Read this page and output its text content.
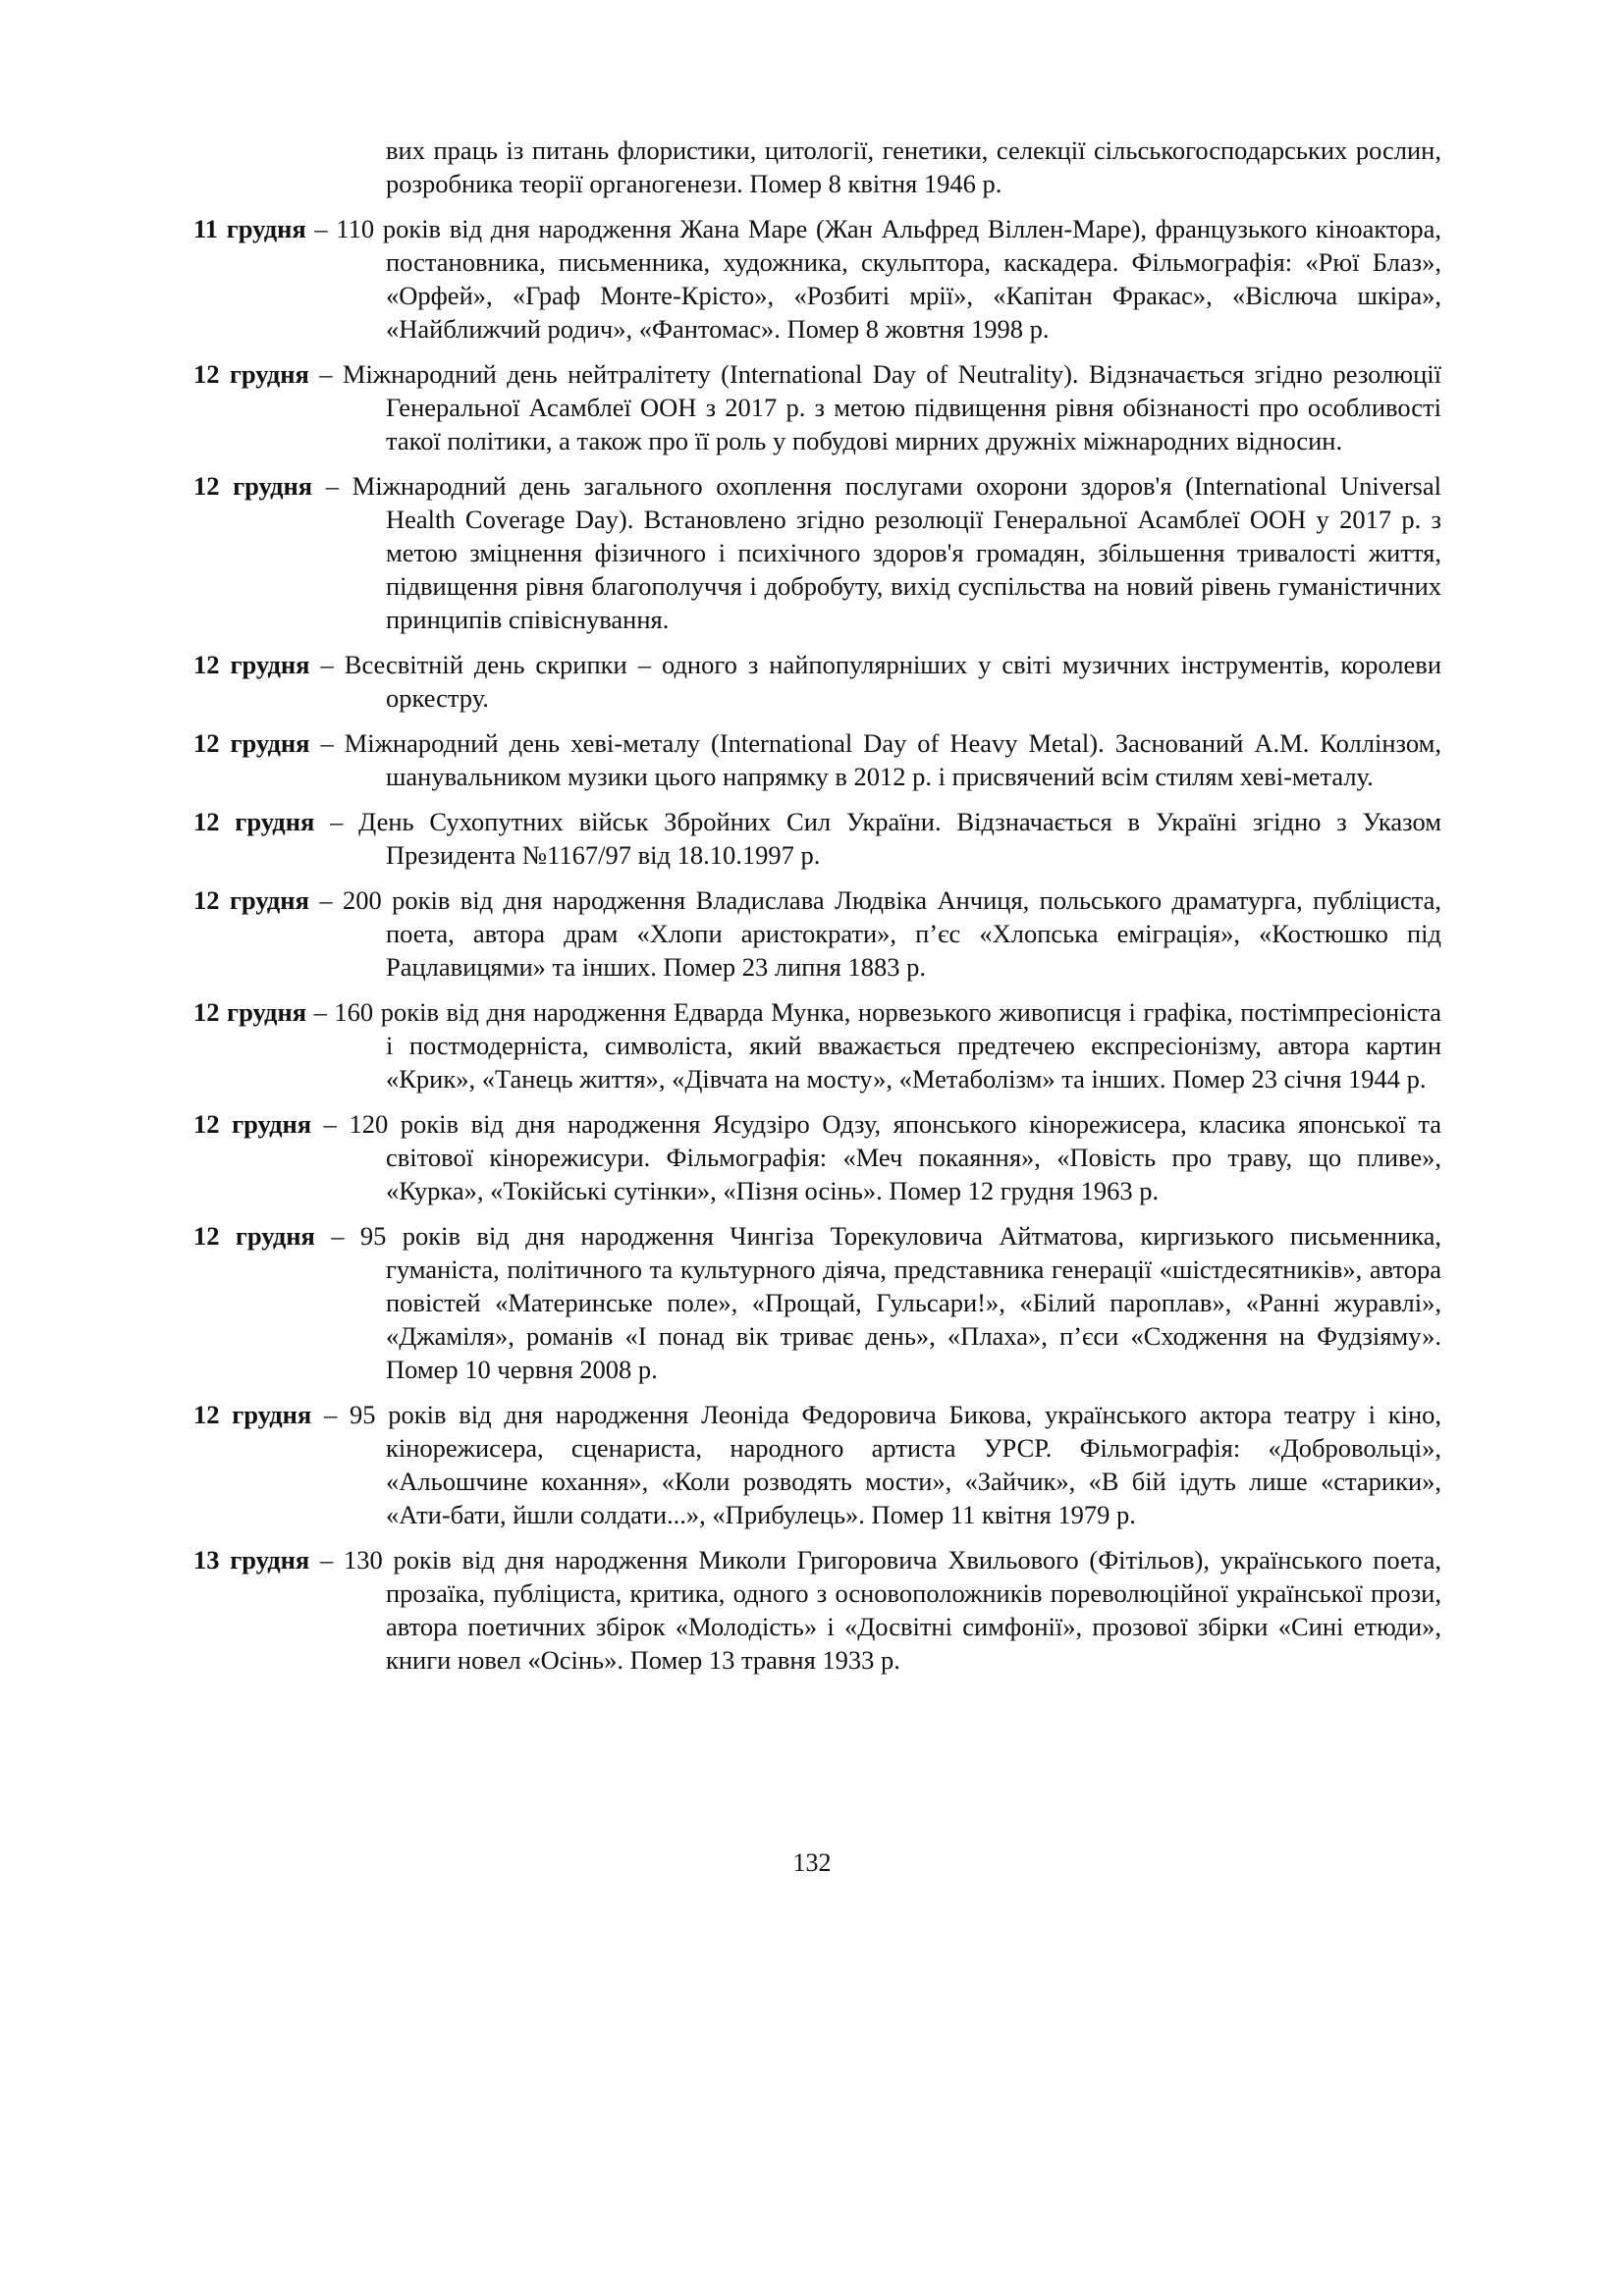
вих праць із питань флористики, цитології, генетики, селекції сільськогосподарських рослин, розробника теорії органогенези. Помер 8 квітня 1946 р.

11 грудня – 110 років від дня народження Жана Маре (Жан Альфред Віллен-Маре), французького кіноактора, постановника, письменника, художника, скульптора, каскадера. Фільмографія: «Рюї Блаз», «Орфей», «Граф Монте-Крісто», «Розбиті мрії», «Капітан Фракас», «Віслюча шкіра», «Найближчий родич», «Фантомас». Помер 8 жовтня 1998 р.

12 грудня – Міжнародний день нейтралітету (International Day of Neutrality). Відзначається згідно резолюції Генеральної Асамблеї ООН з 2017 р. з метою підвищення рівня обізнаності про особливості такої політики, а також про її роль у побудові мирних дружніх міжнародних відносин.

12 грудня – Міжнародний день загального охоплення послугами охорони здоров'я (International Universal Health Coverage Day). Встановлено згідно резолюції Генеральної Асамблеї ООН у 2017 р. з метою зміцнення фізичного і психічного здоров'я громадян, збільшення тривалості життя, підвищення рівня благополуччя і добробуту, вихід суспільства на новий рівень гуманістичних принципів співіснування.

12 грудня – Всесвітній день скрипки – одного з найпопулярніших у світі музичних інструментів, королеви оркестру.

12 грудня – Міжнародний день хеві-металу (International Day of Heavy Metal). Заснований А.М. Коллінзом, шанувальником музики цього напрямку в 2012 р. і присвячений всім стилям хеві-металу.

12 грудня – День Сухопутних військ Збройних Сил України. Відзначається в Україні згідно з Указом Президента №1167/97 від 18.10.1997 р.

12 грудня – 200 років від дня народження Владислава Людвіка Анчиця, польського драматурга, публіциста, поета, автора драм «Хлопи аристократи», п’єс «Хлопська еміграція», «Костюшко під Рацлавицями» та інших. Помер 23 липня 1883 р.

12 грудня – 160 років від дня народження Едварда Мунка, норвезького живописця і графіка, постімпресіоніста і постмодерніста, символіста, який вважається предтечею експресіонізму, автора картин «Крик», «Танець життя», «Дівчата на мосту», «Метаболізм» та інших. Помер 23 січня 1944 р.

12 грудня – 120 років від дня народження Ясудзіро Одзу, японського кінорежисера, класика японської та світової кінорежисури. Фільмографія: «Меч покаяння», «Повість про траву, що пливе», «Курка», «Токійські сутінки», «Пізня осінь». Помер 12 грудня 1963 р.

12 грудня – 95 років від дня народження Чингіза Торекуловича Айтматова, киргизького письменника, гуманіста, політичного та культурного діяча, представника генерації «шістдесятників», автора повістей «Материнське поле», «Прощай, Гульсари!», «Білий пароплав», «Ранні журавлі», «Джаміля», романів «І понад вік триває день», «Плаха», п’єси «Сходження на Фудзіяму». Помер 10 червня 2008 р.

12 грудня – 95 років від дня народження Леоніда Федоровича Бикова, українського актора театру і кіно, кінорежисера, сценариста, народного артиста УРСР. Фільмографія: «Добровольці», «Альошчине кохання», «Коли розводять мости», «Зайчик», «В бій ідуть лише «старики», «Ати-бати, йшли солдати...», «Прибулець». Помер 11 квітня 1979 р.

13 грудня – 130 років від дня народження Миколи Григоровича Хвильового (Фітільов), українського поета, прозаїка, публіциста, критика, одного з основоположників пореволюційної української прози, автора поетичних збірок «Молодість» і «Досвітні симфонії», прозової збірки «Сині етюди», книги новел «Осінь». Помер 13 травня 1933 р.

132
